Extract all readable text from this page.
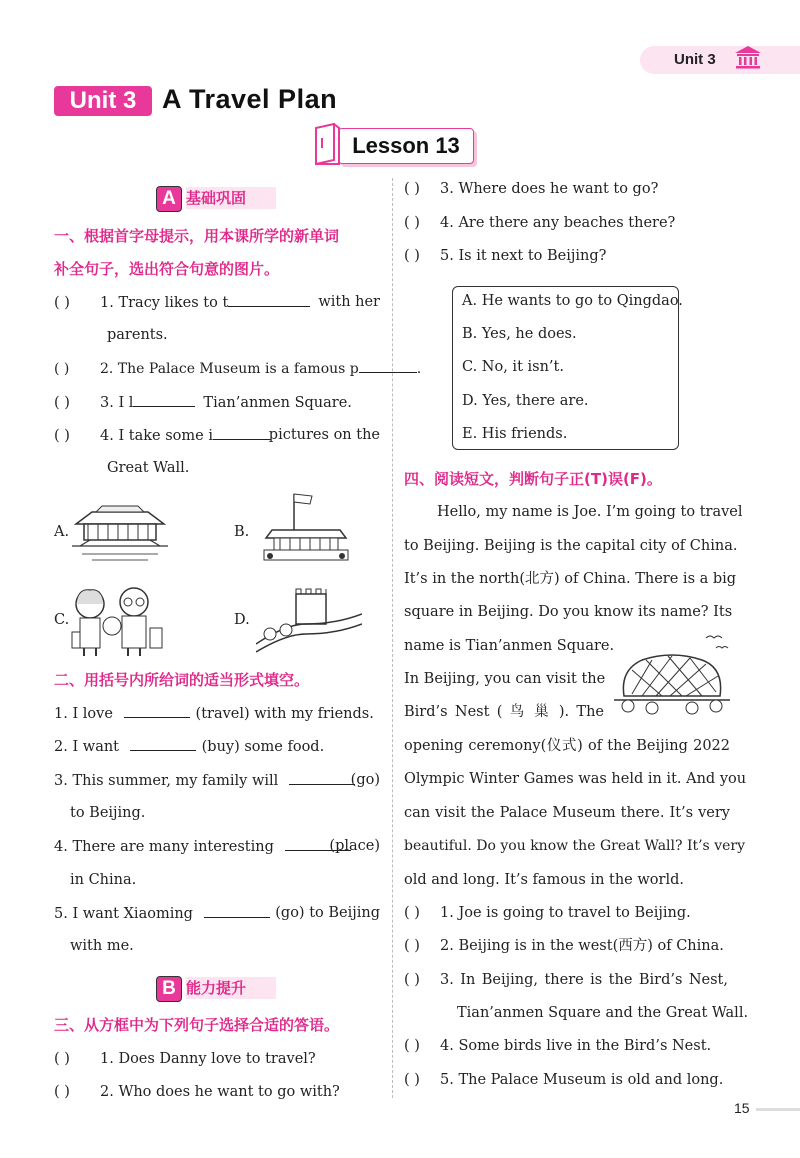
Unit 3
Unit 3 A Travel Plan
Lesson 13
A 基础巩固
一、根据首字母提示，用本课所学的新单词
补全句子，选出符合句意的图片。
( ) 1. Tracy likes to t	with her
parents.
( ) 2. The Palace Museum is a famous p	.
( ) 3. I l	Tian’anmen Square.
( ) 4. I take some i	pictures on the
Great Wall.
A.	B.
C.	D.
二、用括号内所给词的适当形式填空。
1. I love	(travel) with my friends.
2. I want	(buy) some food.
3. This summer, my family will	(go)
to Beijing.
4. There are many interesting	(place)
in China.
5. I want Xiaoming	(go) to Beijing
with me.
B 能力提升
三、从方框中为下列句子选择合适的答语。
( ) 1. Does Danny love to travel?
( ) 2. Who does he want to go with?
( ) 3. Where does he want to go?
( ) 4. Are there any beaches there?
( ) 5. Is it next to Beijing?
A. He wants to go to Qingdao.
B. Yes, he does.
C. No, it isn’t.
D. Yes, there are.
E. His friends.
四、阅读短文，判断句子正(T)误(F)。
Hello, my name is Joe. I’m going to travel
to Beijing. Beijing is the capital city of China.
It’s in the north(北方) of China. There is a big
square in Beijing. Do you know its name? Its
name is Tian’anmen Square.
In Beijing, you can visit the
Bird’s Nest ( 鸟 巢 ). The
opening ceremony(仪式) of the Beijing 2022
Olympic Winter Games was held in it. And you
can visit the Palace Museum there. It’s very
beautiful. Do you know the Great Wall? It’s very
old and long. It’s famous in the world.
( ) 1. Joe is going to travel to Beijing.
( ) 2. Beijing is in the west(西方) of China.
( ) 3. In Beijing, there is the Bird’s Nest,
Tian’anmen Square and the Great Wall.
( ) 4. Some birds live in the Bird’s Nest.
( ) 5. The Palace Museum is old and long.
15
